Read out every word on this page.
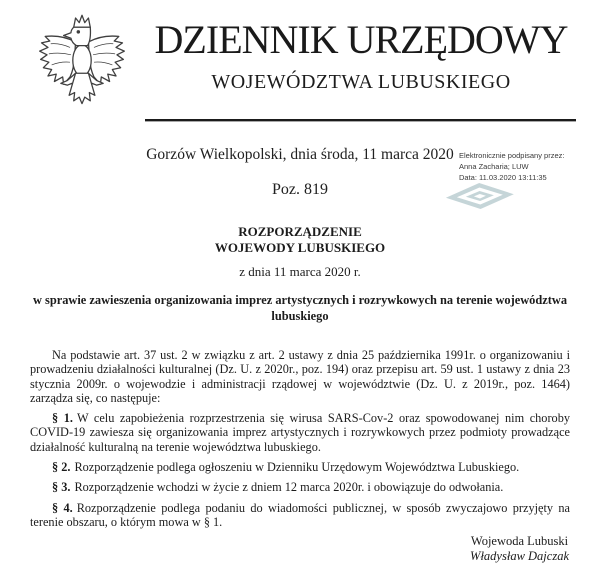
DZIENNIK URZĘDOWY
WOJEWÓDZTWA LUBUSKIEGO
Gorzów Wielkopolski, dnia środa, 11 marca 2020 Elektronicznie podpisany przez:
Anna Zacharia; LUW
Data: 11.03.2020 13:11:35
Poz. 819
ROZPORZĄDZENIE
WOJEWODY LUBUSKIEGO
z dnia 11 marca 2020 r.
w sprawie zawieszenia organizowania imprez artystycznych i rozrywkowych na terenie województwa lubuskiego

Na podstawie art. 37 ust. 2 w związku z art. 2 ustawy z dnia 25 października 1991r. o organizowaniu i prowadzeniu działalności kulturalnej (Dz. U. z 2020r., poz. 194) oraz przepisu art. 59 ust. 1 ustawy z dnia 23 stycznia 2009r. o wojewodzie i administracji rządowej w województwie (Dz. U. z 2019r., poz. 1464) zarządza się, co następuje:

§ 1. W celu zapobieżenia rozprzestrzenia się wirusa SARS-Cov-2 oraz spowodowanej nim choroby COVID-19 zawiesza się organizowania imprez artystycznych i rozrywkowych przez podmioty prowadzące działalność kulturalną na terenie województwa lubuskiego.

§ 2. Rozporządzenie podlega ogłoszeniu w Dzienniku Urzędowym Województwa Lubuskiego.

§ 3. Rozporządzenie wchodzi w życie z dniem 12 marca 2020r. i obowiązuje do odwołania.

§ 4. Rozporządzenie podlega podaniu do wiadomości publicznej, w sposób zwyczajowo przyjęty na terenie obszaru, o którym mowa w § 1.

Wojewoda Lubuski
Władysław Dajczak
